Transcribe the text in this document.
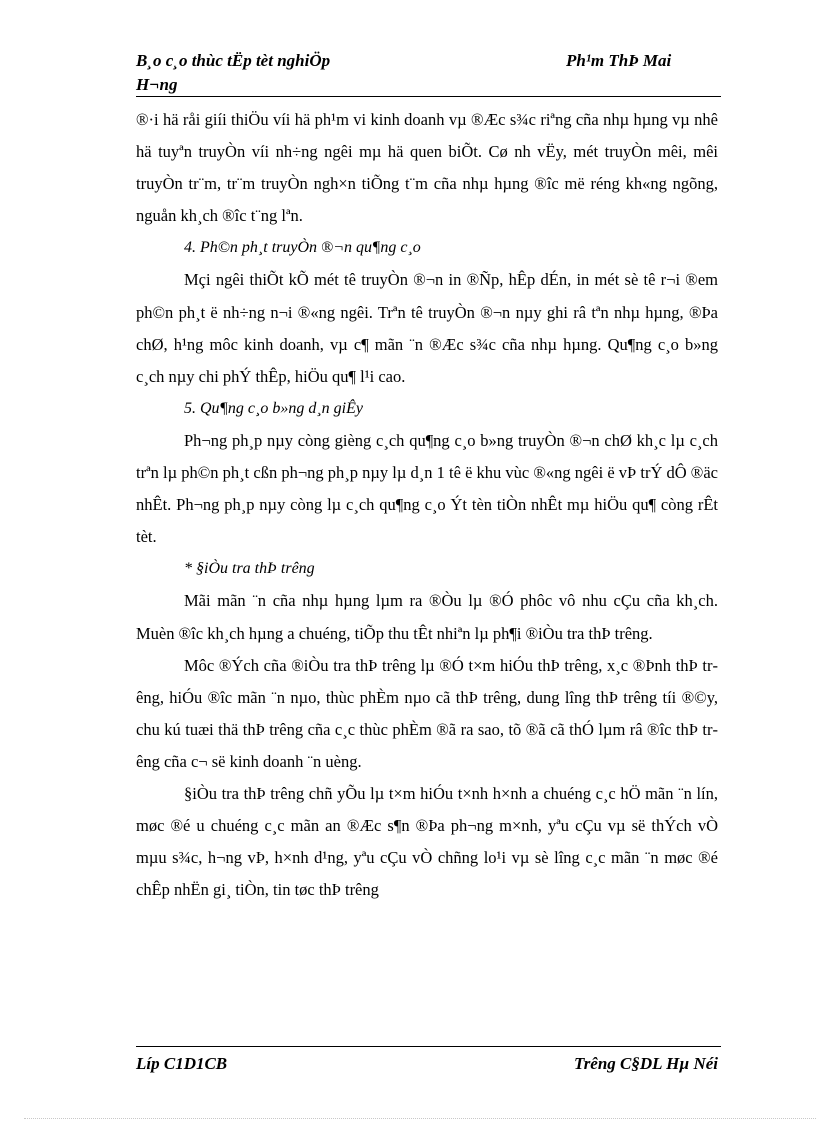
B¸o c¸o thùc tËp tèt nghiÖp	Ph¹m ThÞ Mai
H¬ng

®·i hä råi giíi thiÖu víi hä ph¹m vi kinh doanh vµ ®Æc s¾c riªng cña nhµ hµng vµ nhê hä tuyªn truyÒn víi nh÷ng ngêi mµ hä quen biÕt. Cø nh vËy, mét truyÒn mêi, mêi truyÒn tr¨m, tr¨m truyÒn ngh×n tiÕng t¨m cña nhµ hµng ®îc më réng kh«ng ngõng, nguån kh¸ch ®îc t¨ng lªn.

4. Ph©n ph¸t truyÒn ®¬n qu¶ng c¸o

Mçi ngêi thiÕt kÕ mét tê truyÒn ®¬n in ®Ñp, hÊp dÉn, in mét sè tê r¬i ®em ph©n ph¸t ë nh÷ng n¬i ®«ng ngêi. Trªn tê truyÒn ®¬n nµy ghi râ tªn nhµ hµng, ®Þa chØ, h¹ng môc kinh doanh, vµ c¶ mãn ¨n ®Æc s¾c cña nhµ hµng. Qu¶ng c¸o b»ng c¸ch nµy chi phÝ thÊp, hiÖu qu¶ l¹i cao.

5. Qu¶ng c¸o b»ng d¸n giÊy

Ph¬ng ph¸p nµy còng gièng c¸ch qu¶ng c¸o b»ng truyÒn ®¬n chØ kh¸c lµ c¸ch trªn lµ ph©n ph¸t cßn ph¬ng ph¸p nµy lµ d¸n 1 tê ë khu vùc ®«ng ngêi ë vÞ trÝ dÔ ®äc nhÊt. Ph¬ng ph¸p nµy còng lµ c¸ch qu¶ng c¸o Ýt tèn tiÒn nhÊt mµ hiÖu qu¶ còng rÊt tèt.

* §iÒu tra thÞ trêng

Mãi mãn ¨n cña nhµ hµng lµm ra ®Òu lµ ®Ó phôc vô nhu cÇu cña kh¸ch. Muèn ®îc kh¸ch hµng a chuéng, tiÕp thu tÊt nhiªn lµ ph¶i ®iÒu tra thÞ trêng.

Môc ®Ých cña ®iÒu tra thÞ trêng lµ ®Ó t×m hiÓu thÞ trêng, x¸c ®Þnh thÞ trêng, hiÓu ®îc mãn ¨n nµo, thùc phÈm nµo cã thÞ trêng, dung lîng thÞ trêng tíi ®©y, chu kú tuæi thä thÞ trêng cña c¸c thùc phÈm ®ã ra sao, tõ ®ã cã thÓ lµm râ ®îc thÞ trêng cña c¬ së kinh doanh ¨n uèng.

§iÒu tra thÞ trêng chñ yÕu lµ t×m hiÓu t×nh h×nh a chuéng c¸c hÖ mãn ¨n lín, møc ®é u chuéng c¸c mãn an ®Æc s¶n ®Þa ph¬ng m×nh, yªu cÇu vµ së thÝch vÒ mµu s¾c, h¬ng vÞ, h×nh d¹ng, yªu cÇu vÒ chñng lo¹i vµ sè lîng c¸c mãn ¨n møc ®é chÊp nhËn gi¸ tiÒn, tin tøc thÞ trêng

Líp C1D1CB	Trêng C§DL Hµ Néi
